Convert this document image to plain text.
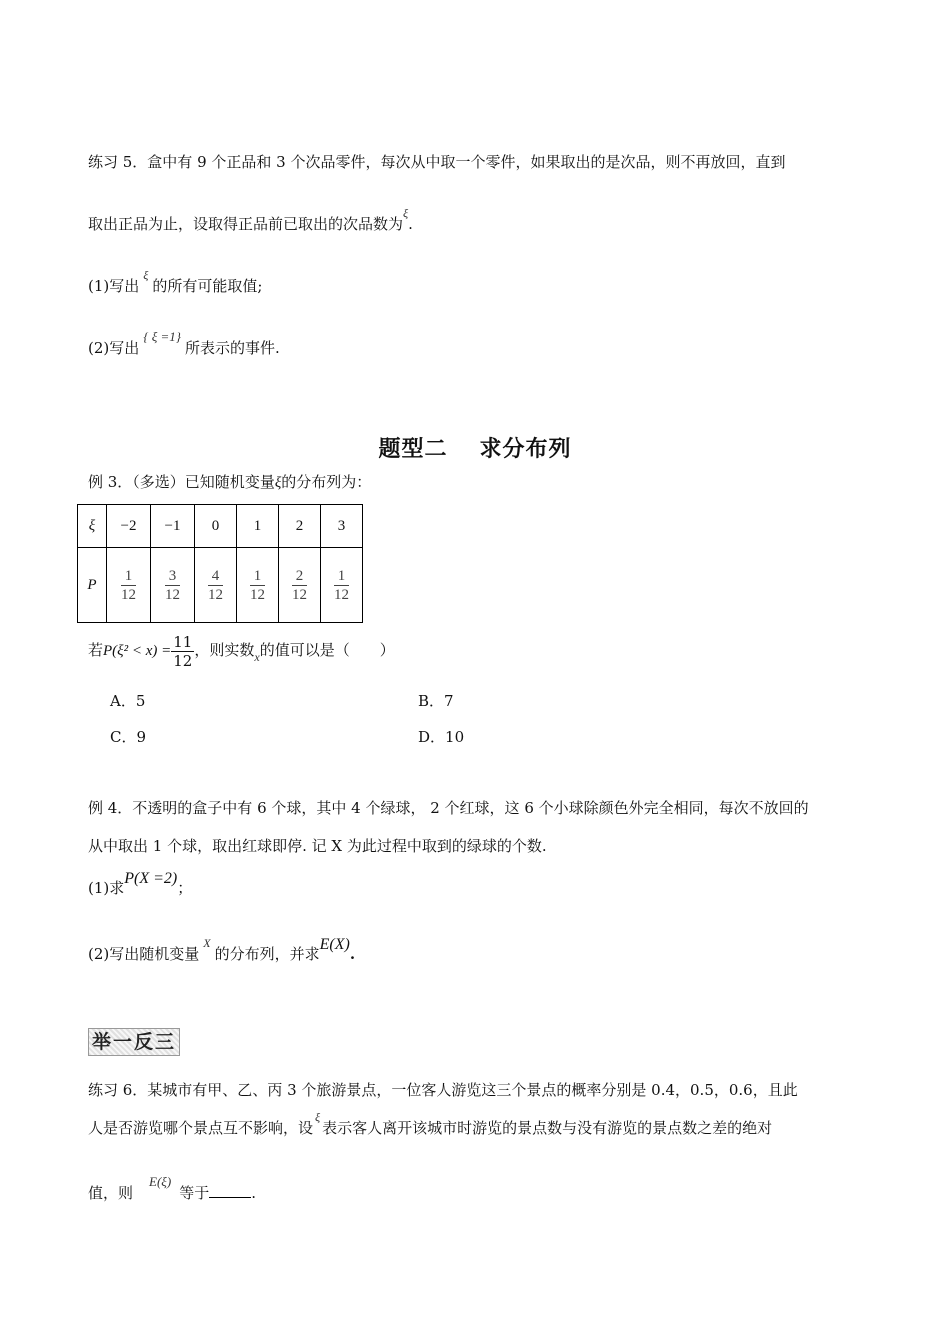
练习 5．盒中有 9 个正品和 3 个次品零件，每次从中取一个零件，如果取出的是次品，则不再放回，直到
取出正品为止，设取得正品前已取出的次品数为$^\xi$.
(1)写出$^\xi$的所有可能取值;
(2)写出{ ξ =1}所表示的事件.
题型二 求分布列
例 3．（多选）已知随机变量ξ的分布列为：
ξ	−2	−1	0	1	2	3
P	$\frac{1}{12}$	$\frac{3}{12}$	$\frac{4}{12}$	$\frac{1}{12}$	$\frac{2}{12}$	$\frac{1}{12}$
若$P(\xi^2 < x) = \frac{11}{12}$ ，则实数$_x$的值可以是（　　）
A．5	B．7
C．9	D．10
例 4．不透明的盒子中有 6 个球，其中 4 个绿球， 2 个红球，这 6 个小球除颜色外完全相同，每次不放回的
从中取出 1 个球，取出红球即停. 记 X 为此过程中取到的绿球的个数.
(1)求P(X =2)；
(2)写出随机变量$^X$的分布列，并求E(X).
举一反三
练习 6．某城市有甲、乙、丙 3 个旅游景点，一位客人游览这三个景点的概率分别是 0.4，0.5，0.6，且此
人是否游览哪个景点互不影响，设$^\xi$表示客人离开该城市时游览的景点数与没有游览的景点数之差的绝对
值，则E(ξ)等于	.
